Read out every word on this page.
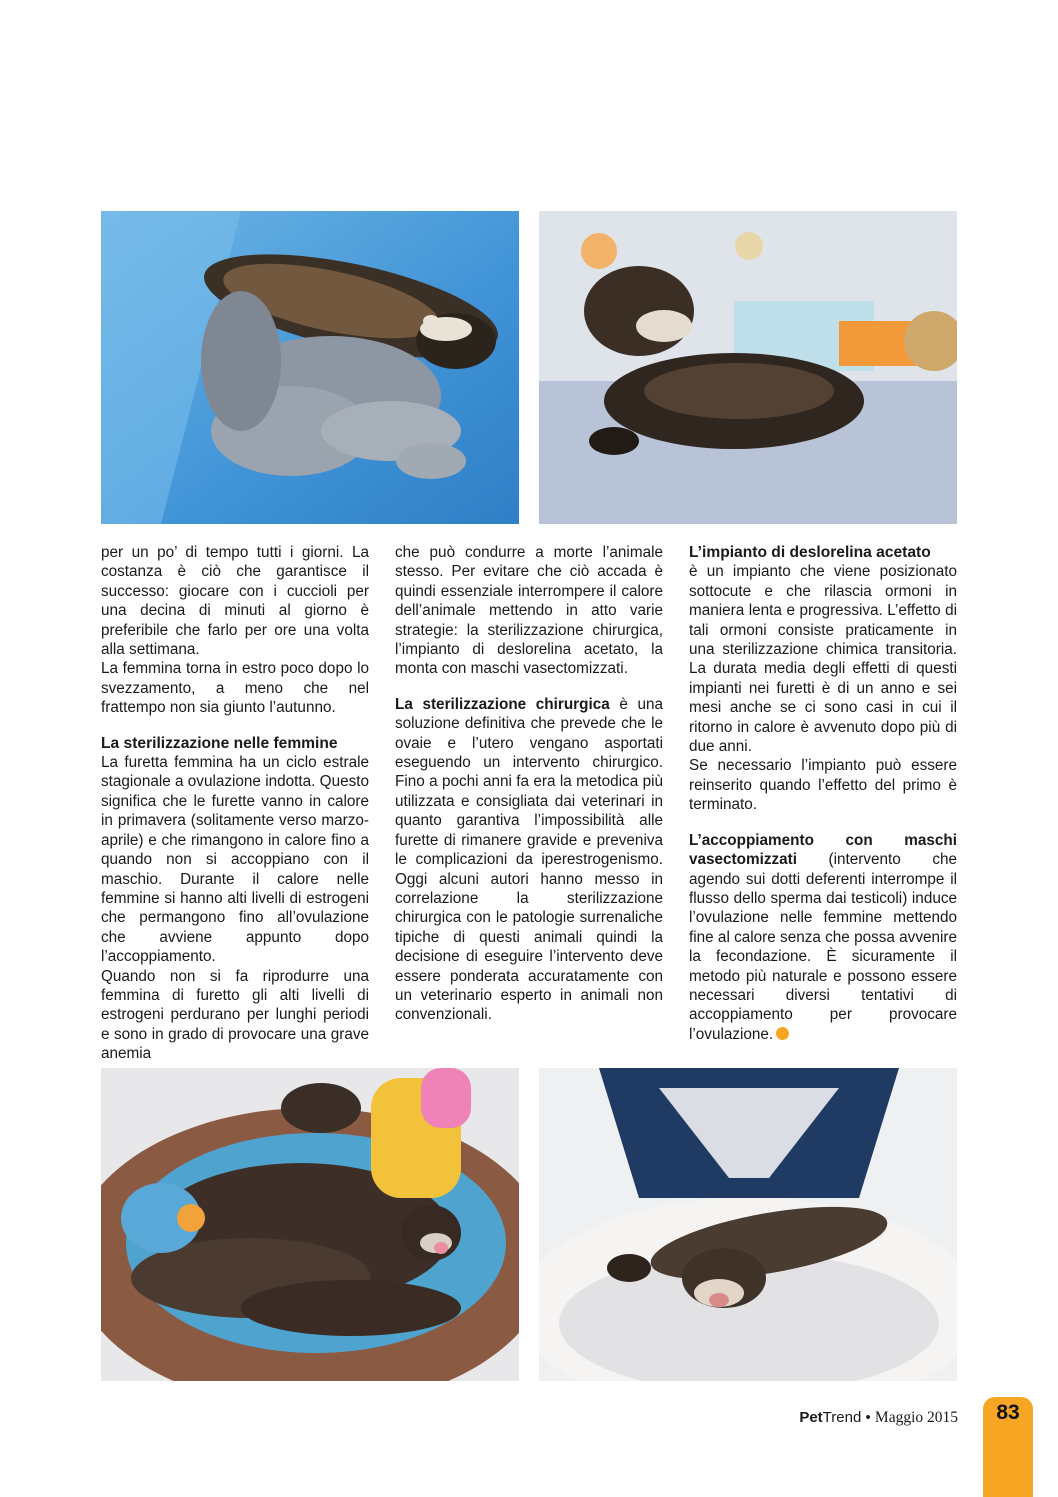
per un po’ di tempo tutti i giorni. La costanza è ciò che garantisce il successo: giocare con i cuccioli per una decina di minuti al giorno è preferibile che farlo per ore una volta alla settimana.

La femmina torna in estro poco dopo lo svezzamento, a meno che nel frattempo non sia giunto l’autunno.

La sterilizzazione nelle femmine

La furetta femmina ha un ciclo estrale stagionale a ovulazione indotta. Questo significa che le furette vanno in calore in primavera (solitamente verso marzo-aprile) e che rimangono in calore fino a quando non si accoppiano con il maschio. Durante il calore nelle femmine si hanno alti livelli di estrogeni che permangono fino all’ovulazione che avviene appunto dopo l’accoppiamento.

Quando non si fa riprodurre una femmina di furetto gli alti livelli di estrogeni perdurano per lunghi periodi e sono in grado di provocare una grave anemia

che può condurre a morte l’animale stesso. Per evitare che ciò accada è quindi essenziale interrompere il calore dell’animale mettendo in atto varie strategie: la sterilizzazione chirurgica, l’impianto di deslorelina acetato, la monta con maschi vasectomizzati.

La sterilizzazione chirurgica è una soluzione definitiva che prevede che le ovaie e l’utero vengano asportati eseguendo un intervento chirurgico. Fino a pochi anni fa era la metodica più utilizzata e consigliata dai veterinari in quanto garantiva l’impossibilità alle furette di rimanere gravide e preveniva le complicazioni da iperestrogenismo. Oggi alcuni autori hanno messo in correlazione la sterilizzazione chirurgica con le patologie surrenaliche tipiche di questi animali quindi la decisione di eseguire l’intervento deve essere ponderata accuratamente con un veterinario esperto in animali non convenzionali.

L’impianto di deslorelina acetato

è un impianto che viene posizionato sottocute e che rilascia ormoni in maniera lenta e progressiva. L’effetto di tali ormoni consiste praticamente in una sterilizzazione chimica transitoria. La durata media degli effetti di questi impianti nei furetti è di un anno e sei mesi anche se ci sono casi in cui il ritorno in calore è avvenuto dopo più di due anni.

Se necessario l’impianto può essere reinserito quando l’effetto del primo è terminato.

L’accoppiamento con maschi vasectomizzati (intervento che agendo sui dotti deferenti interrompe il flusso dello sperma dai testicoli) induce l’ovulazione nelle femmine mettendo fine al calore senza che possa avvenire la fecondazione. È sicuramente il metodo più naturale e possono essere necessari diversi tentativi di accoppiamento per provocare l’ovulazione.

PetTrend • Maggio 2015	83
